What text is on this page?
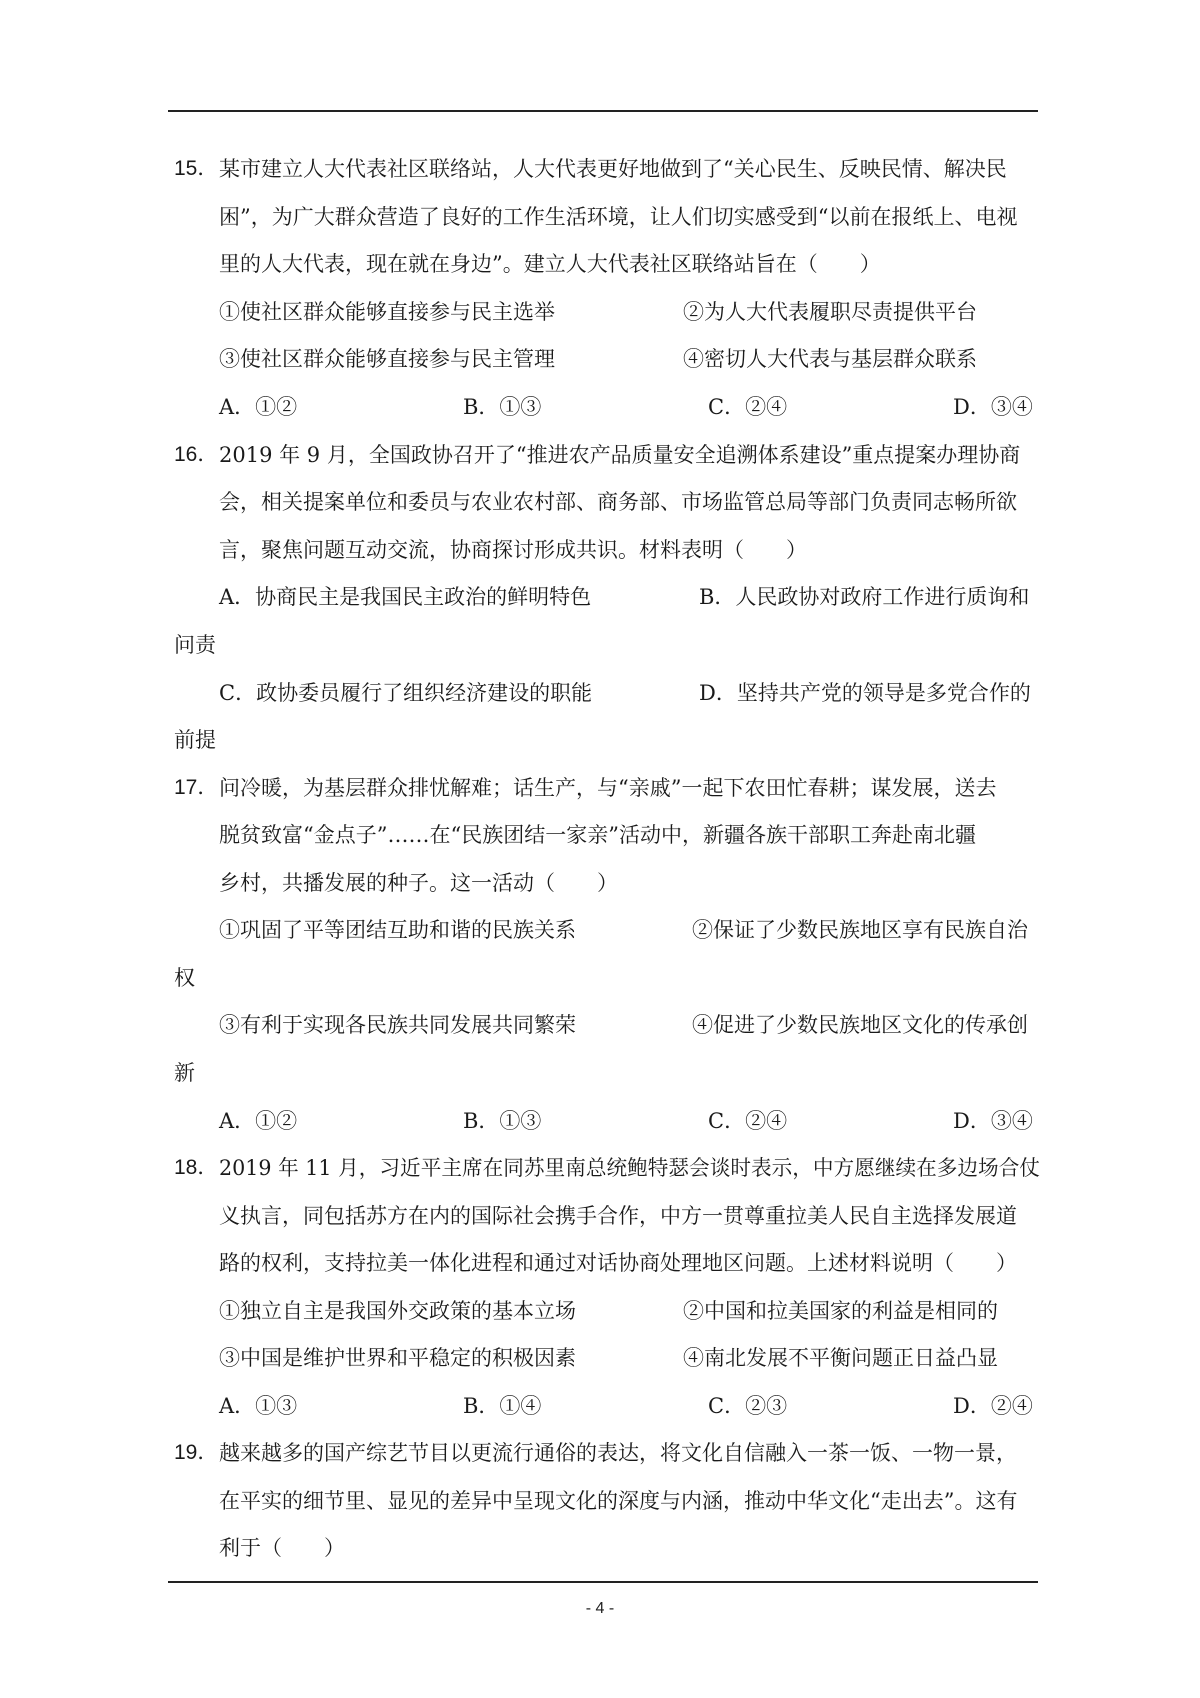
15． 某市建立人大代表社区联络站，人大代表更好地做到了“关心民生、反映民情、解决民
困”，为广大群众营造了良好的工作生活环境，让人们切实感受到“以前在报纸上、电视
里的人大代表，现在就在身边”。建立人大代表社区联络站旨在（　　）
①使社区群众能够直接参与民主选举	②为人大代表履职尽责提供平台
③使社区群众能够直接参与民主管理	④密切人大代表与基层群众联系
A．①②	B．①③	C．②④	D．③④
16． 2019 年 9 月，全国政协召开了“推进农产品质量安全追溯体系建设”重点提案办理协商
会，相关提案单位和委员与农业农村部、商务部、市场监管总局等部门负责同志畅所欲
言，聚焦问题互动交流，协商探讨形成共识。材料表明（　　）
A．协商民主是我国民主政治的鲜明特色	B．人民政协对政府工作进行质询和
问责
C．政协委员履行了组织经济建设的职能	D．坚持共产党的领导是多党合作的
前提
17． 问冷暖，为基层群众排忧解难；话生产，与“亲戚”一起下农田忙春耕；谋发展，送去
脱贫致富“金点子”……在“民族团结一家亲”活动中，新疆各族干部职工奔赴南北疆
乡村，共播发展的种子。这一活动（　　）
①巩固了平等团结互助和谐的民族关系	②保证了少数民族地区享有民族自治
权
③有利于实现各民族共同发展共同繁荣	④促进了少数民族地区文化的传承创
新
A．①②	B．①③	C．②④	D．③④
18． 2019 年 11 月，习近平主席在同苏里南总统鲍特瑟会谈时表示，中方愿继续在多边场合仗
义执言，同包括苏方在内的国际社会携手合作，中方一贯尊重拉美人民自主选择发展道
路的权利，支持拉美一体化进程和通过对话协商处理地区问题。上述材料说明（　　）
①独立自主是我国外交政策的基本立场	②中国和拉美国家的利益是相同的
③中国是维护世界和平稳定的积极因素	④南北发展不平衡问题正日益凸显
A．①③	B．①④	C．②③	D．②④
19． 越来越多的国产综艺节目以更流行通俗的表达，将文化自信融入一茶一饭、一物一景，
在平实的细节里、显见的差异中呈现文化的深度与内涵，推动中华文化“走出去”。这有
利于（　　）
- 4 -
